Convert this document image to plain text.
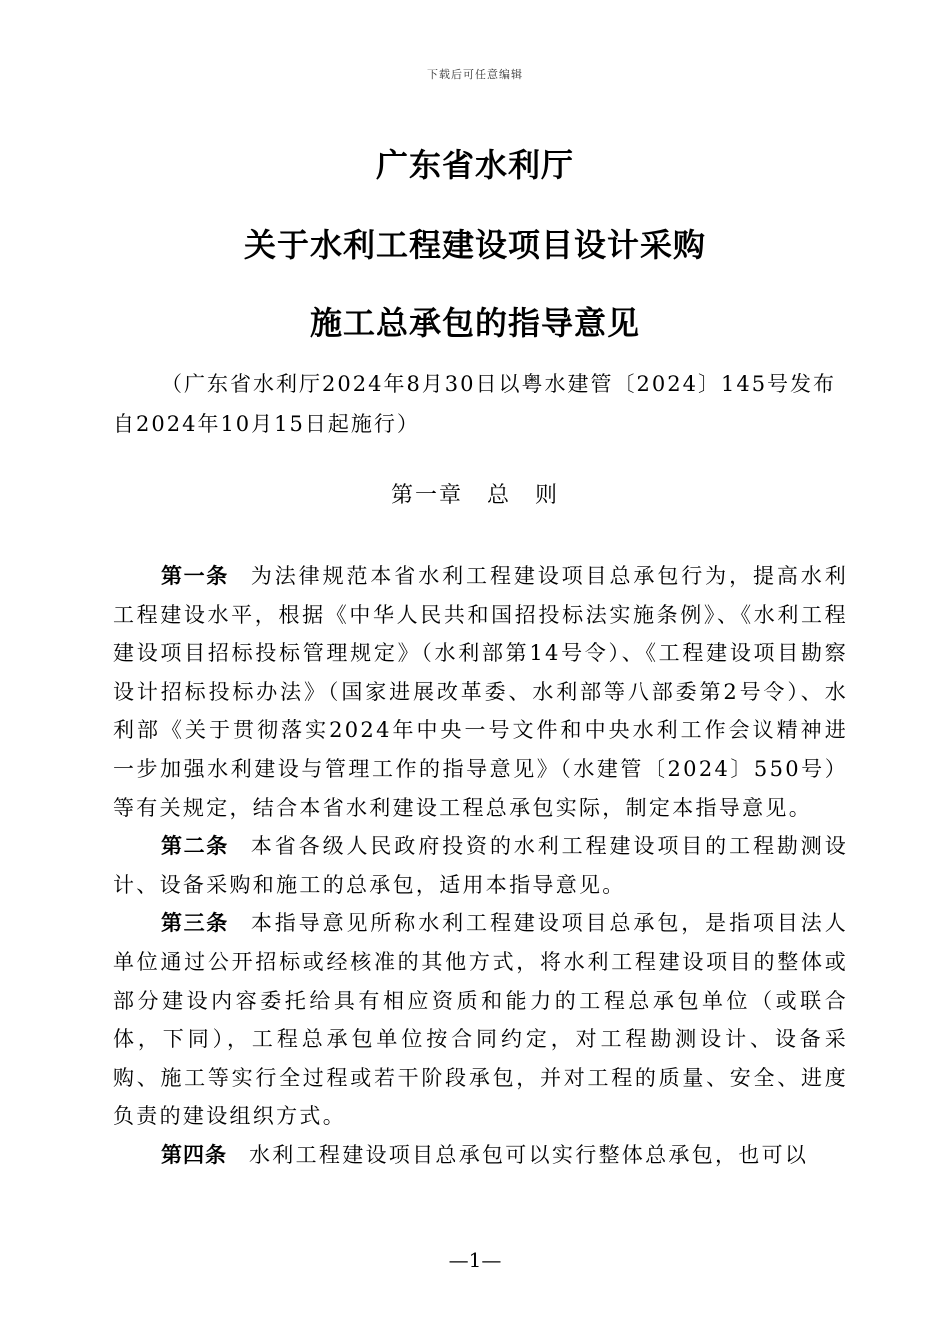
下载后可任意编辑
广东省水利厅
关于水利工程建设项目设计采购
施工总承包的指导意见
（广东省水利厅2024年8月30日以粤水建管〔2024〕145号发布　自2024年10月15日起施行）
第一章　总　则

第一条 为法律规范本省水利工程建设项目总承包行为，提高水利工程建设水平，根据《中华人民共和国招投标法实施条例》、《水利工程建设项目招标投标管理规定》（水利部第14号令）、《工程建设项目勘察设计招标投标办法》（国家进展改革委、水利部等八部委第2号令）、水利部《关于贯彻落实2024年中央一号文件和中央水利工作会议精神进一步加强水利建设与管理工作的指导意见》（水建管〔2024〕550号）等有关规定，结合本省水利建设工程总承包实际，制定本指导意见。

第二条 本省各级人民政府投资的水利工程建设项目的工程勘测设计、设备采购和施工的总承包，适用本指导意见。

第三条 本指导意见所称水利工程建设项目总承包，是指项目法人单位通过公开招标或经核准的其他方式，将水利工程建设项目的整体或部分建设内容委托给具有相应资质和能力的工程总承包单位（或联合体，下同），工程总承包单位按合同约定，对工程勘测设计、设备采购、施工等实行全过程或若干阶段承包，并对工程的质量、安全、进度负责的建设组织方式。

第四条 水利工程建设项目总承包可以实行整体总承包，也可以

—1—
